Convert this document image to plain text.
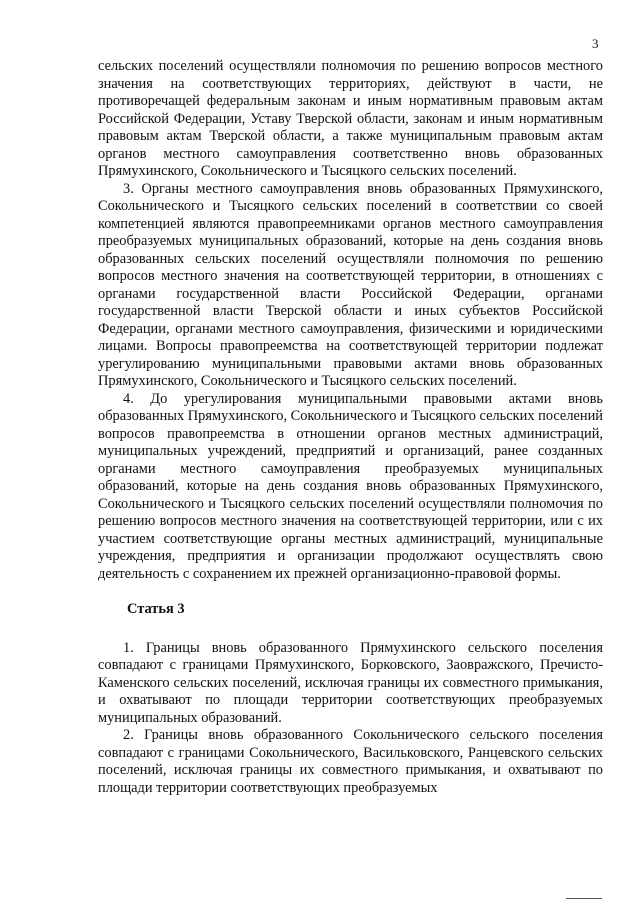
3

сельских поселений осуществляли полномочия по решению вопросов местного значения на соответствующих территориях, действуют в части, не противоречащей федеральным законам и иным нормативным правовым актам Российской Федерации, Уставу Тверской области, законам и иным нормативным правовым актам Тверской области, а также муниципальным правовым актам органов местного самоуправления соответственно вновь образованных Прямухинского, Сокольнического и Тысяцкого сельских поселений.

3. Органы местного самоуправления вновь образованных Прямухинского, Сокольнического и Тысяцкого сельских поселений в соответствии со своей компетенцией являются правопреемниками органов местного самоуправления преобразуемых муниципальных образований, которые на день создания вновь образованных сельских поселений осуществляли полномочия по решению вопросов местного значения на соответствующей территории, в отношениях с органами государственной власти Российской Федерации, органами государственной власти Тверской области и иных субъектов Российской Федерации, органами местного самоуправления, физическими и юридическими лицами. Вопросы правопреемства на соответствующей территории подлежат урегулированию муниципальными правовыми актами вновь образованных Прямухинского, Сокольнического и Тысяцкого сельских поселений.

4. До урегулирования муниципальными правовыми актами вновь образованных Прямухинского, Сокольнического и Тысяцкого сельских поселений вопросов правопреемства в отношении органов местных администраций, муниципальных учреждений, предприятий и организаций, ранее созданных органами местного самоуправления преобразуемых муниципальных образований, которые на день создания вновь образованных Прямухинского, Сокольнического и Тысяцкого сельских поселений осуществляли полномочия по решению вопросов местного значения на соответствующей территории, или с их участием соответствующие органы местных администраций, муниципальные учреждения, предприятия и организации продолжают осуществлять свою деятельность с сохранением их прежней организационно-правовой формы.

Статья 3

1. Границы вновь образованного Прямухинского сельского поселения совпадают с границами Прямухинского, Борковского, Заовражского, Пречисто-Каменского сельских поселений, исключая границы их совместного примыкания, и охватывают по площади территории соответствующих преобразуемых муниципальных образований.

2. Границы вновь образованного Сокольнического сельского поселения совпадают с границами Сокольнического, Васильковского, Ранцевского сельских поселений, исключая границы их совместного примыкания, и охватывают по площади территории соответствующих преобразуемых
